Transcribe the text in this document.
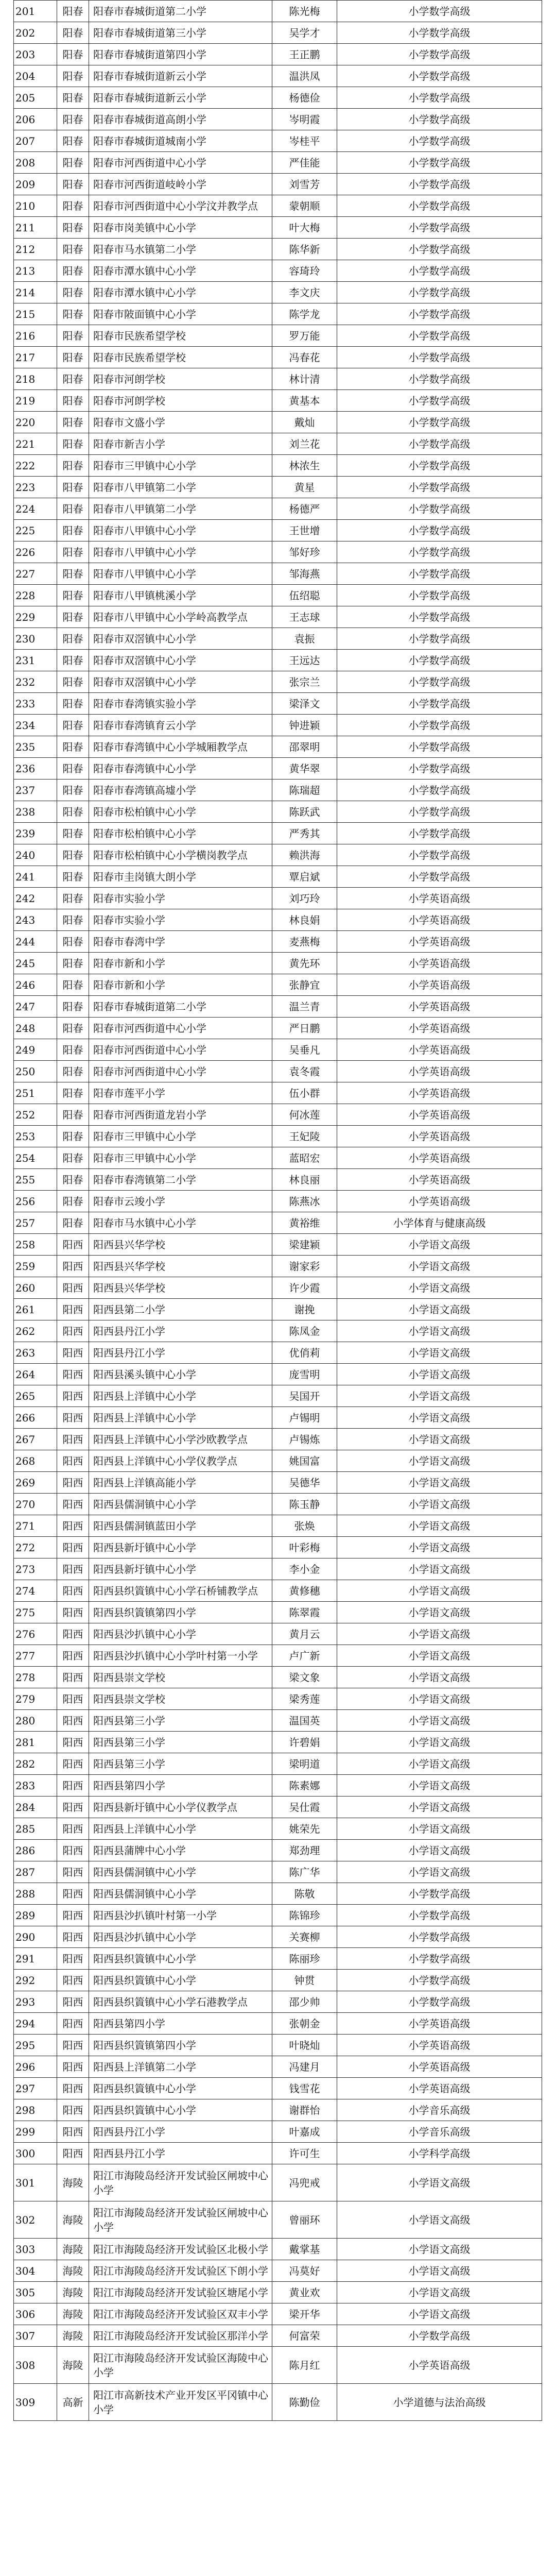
201	阳春	阳春市春城街道第二小学	陈光梅	小学数学高级
202	阳春	阳春市春城街道第三小学	吴学才	小学数学高级
203	阳春	阳春市春城街道第四小学	王正鹏	小学数学高级
204	阳春	阳春市春城街道新云小学	温洪凤	小学数学高级
205	阳春	阳春市春城街道新云小学	杨德俭	小学数学高级
206	阳春	阳春市春城街道高朗小学	岑明霞	小学数学高级
207	阳春	阳春市春城街道城南小学	岑桂平	小学数学高级
208	阳春	阳春市河西街道中心小学	严佳能	小学数学高级
209	阳春	阳春市河西街道岐岭小学	刘雪芳	小学数学高级
210	阳春	阳春市河西街道中心小学汶并教学点	蒙朝顺	小学数学高级
211	阳春	阳春市岗美镇中心小学	叶大梅	小学数学高级
212	阳春	阳春市马水镇第二小学	陈华新	小学数学高级
213	阳春	阳春市潭水镇中心小学	容琦玲	小学数学高级
214	阳春	阳春市潭水镇中心小学	李文庆	小学数学高级
215	阳春	阳春市陂面镇中心小学	陈学龙	小学数学高级
216	阳春	阳春市民族希望学校	罗万能	小学数学高级
217	阳春	阳春市民族希望学校	冯春花	小学数学高级
218	阳春	阳春市河朗学校	林计清	小学数学高级
219	阳春	阳春市河朗学校	黄基本	小学数学高级
220	阳春	阳春市文盛小学	戴灿	小学数学高级
221	阳春	阳春市新吉小学	刘兰花	小学数学高级
222	阳春	阳春市三甲镇中心小学	林浓生	小学数学高级
223	阳春	阳春市八甲镇第二小学	黄星	小学数学高级
224	阳春	阳春市八甲镇第二小学	杨德严	小学数学高级
225	阳春	阳春市八甲镇中心小学	王世增	小学数学高级
226	阳春	阳春市八甲镇中心小学	邹好珍	小学数学高级
227	阳春	阳春市八甲镇中心小学	邹海燕	小学数学高级
228	阳春	阳春市八甲镇桃溪小学	伍绍聪	小学数学高级
229	阳春	阳春市八甲镇中心小学岭高教学点	王志球	小学数学高级
230	阳春	阳春市双滘镇中心小学	袁振	小学数学高级
231	阳春	阳春市双滘镇中心小学	王远达	小学数学高级
232	阳春	阳春市双滘镇中心小学	张宗兰	小学数学高级
233	阳春	阳春市春湾镇实验小学	梁泽文	小学数学高级
234	阳春	阳春市春湾镇育云小学	钟进颖	小学数学高级
235	阳春	阳春市春湾镇中心小学城厢教学点	邵翠明	小学数学高级
236	阳春	阳春市春湾镇中心小学	黄华翠	小学数学高级
237	阳春	阳春市春湾镇高墟小学	陈瑞超	小学数学高级
238	阳春	阳春市松柏镇中心小学	陈跃武	小学数学高级
239	阳春	阳春市松柏镇中心小学	严秀其	小学数学高级
240	阳春	阳春市松柏镇中心小学横岗教学点	赖洪海	小学数学高级
241	阳春	阳春市圭岗镇大朗小学	覃启斌	小学数学高级
242	阳春	阳春市实验小学	刘巧玲	小学英语高级
243	阳春	阳春市实验小学	林良娟	小学英语高级
244	阳春	阳春市春湾中学	麦燕梅	小学英语高级
245	阳春	阳春市新和小学	黄先环	小学英语高级
246	阳春	阳春市新和小学	张静宜	小学英语高级
247	阳春	阳春市春城街道第二小学	温兰青	小学英语高级
248	阳春	阳春市河西街道中心小学	严日鹏	小学英语高级
249	阳春	阳春市河西街道中心小学	吴垂凡	小学英语高级
250	阳春	阳春市河西街道中心小学	袁冬霞	小学英语高级
251	阳春	阳春市莲平小学	伍小群	小学英语高级
252	阳春	阳春市河西街道龙岩小学	何冰莲	小学英语高级
253	阳春	阳春市三甲镇中心小学	王妃陵	小学英语高级
254	阳春	阳春市三甲镇中心小学	蓝昭宏	小学英语高级
255	阳春	阳春市春湾镇第二小学	林良丽	小学英语高级
256	阳春	阳春市云竣小学	陈燕冰	小学英语高级
257	阳春	阳春市马水镇中心小学	黄裕维	小学体育与健康高级
258	阳西	阳西县兴华学校	梁建颖	小学语文高级
259	阳西	阳西县兴华学校	谢家彩	小学语文高级
260	阳西	阳西县兴华学校	许少霞	小学语文高级
261	阳西	阳西县第二小学	谢挽	小学语文高级
262	阳西	阳西县丹江小学	陈凤金	小学语文高级
263	阳西	阳西县丹江小学	优俏莉	小学语文高级
264	阳西	阳西县溪头镇中心小学	庞雪明	小学语文高级
265	阳西	阳西县上洋镇中心小学	吴国开	小学语文高级
266	阳西	阳西县上洋镇中心小学	卢锡明	小学语文高级
267	阳西	阳西县上洋镇中心小学沙欧教学点	卢锡炼	小学语文高级
268	阳西	阳西县上洋镇中心小学仪教学点	姚国富	小学语文高级
269	阳西	阳西县上洋镇高能小学	吴德华	小学语文高级
270	阳西	阳西县儒洞镇中心小学	陈玉静	小学语文高级
271	阳西	阳西县儒洞镇蓝田小学	张焕	小学语文高级
272	阳西	阳西县新圩镇中心小学	叶彩梅	小学语文高级
273	阳西	阳西县新圩镇中心小学	李小金	小学语文高级
274	阳西	阳西县织篢镇中心小学石桥铺教学点	黄修穗	小学语文高级
275	阳西	阳西县织篢镇第四小学	陈翠霞	小学语文高级
276	阳西	阳西县沙扒镇中心小学	黄月云	小学语文高级
277	阳西	阳西县沙扒镇中心小学叶村第一小学	卢广新	小学语文高级
278	阳西	阳西县崇文学校	梁文象	小学语文高级
279	阳西	阳西县崇文学校	梁秀莲	小学语文高级
280	阳西	阳西县第三小学	温国英	小学语文高级
281	阳西	阳西县第三小学	许碧娟	小学语文高级
282	阳西	阳西县第三小学	梁明道	小学语文高级
283	阳西	阳西县第四小学	陈素娜	小学语文高级
284	阳西	阳西县新圩镇中心小学仪教学点	吴仕霞	小学语文高级
285	阳西	阳西县上洋镇中心小学	姚荣先	小学语文高级
286	阳西	阳西县蒲牌中心小学	郑劲理	小学语文高级
287	阳西	阳西县儒洞镇中心小学	陈广华	小学语文高级
288	阳西	阳西县儒洞镇中心小学	陈敬	小学数学高级
289	阳西	阳西县沙扒镇叶村第一小学	陈锦珍	小学数学高级
290	阳西	阳西县沙扒镇中心小学	关赛柳	小学数学高级
291	阳西	阳西县织篢镇中心小学	陈丽珍	小学数学高级
292	阳西	阳西县织篢镇中心小学	钟贯	小学数学高级
293	阳西	阳西县织篢镇中心小学石港教学点	邵少帅	小学数学高级
294	阳西	阳西县第四小学	张朝金	小学英语高级
295	阳西	阳西县织篢镇第四小学	叶晓灿	小学英语高级
296	阳西	阳西县上洋镇第二小学	冯建月	小学英语高级
297	阳西	阳西县织篢镇中心小学	钱雪花	小学英语高级
298	阳西	阳西县织篢镇中心小学	谢群怡	小学音乐高级
299	阳西	阳西县丹江小学	叶嘉成	小学音乐高级
300	阳西	阳西县丹江小学	许可生	小学科学高级
301	海陵	阳江市海陵岛经济开发试验区闸坡中心小学	冯兜戒	小学语文高级
302	海陵	阳江市海陵岛经济开发试验区闸坡中心小学	曾丽环	小学语文高级
303	海陵	阳江市海陵岛经济开发试验区北极小学	戴掌基	小学语文高级
304	海陵	阳江市海陵岛经济开发试验区下朗小学	冯莫好	小学语文高级
305	海陵	阳江市海陵岛经济开发试验区塘尾小学	黄业欢	小学语文高级
306	海陵	阳江市海陵岛经济开发试验区双丰小学	梁开华	小学语文高级
307	海陵	阳江市海陵岛经济开发试验区那洋小学	何富荣	小学数学高级
308	海陵	阳江市海陵岛经济开发试验区海陵中心小学	陈月红	小学英语高级
309	高新	阳江市高新技术产业开发区平冈镇中心小学	陈勤俭	小学道德与法治高级
